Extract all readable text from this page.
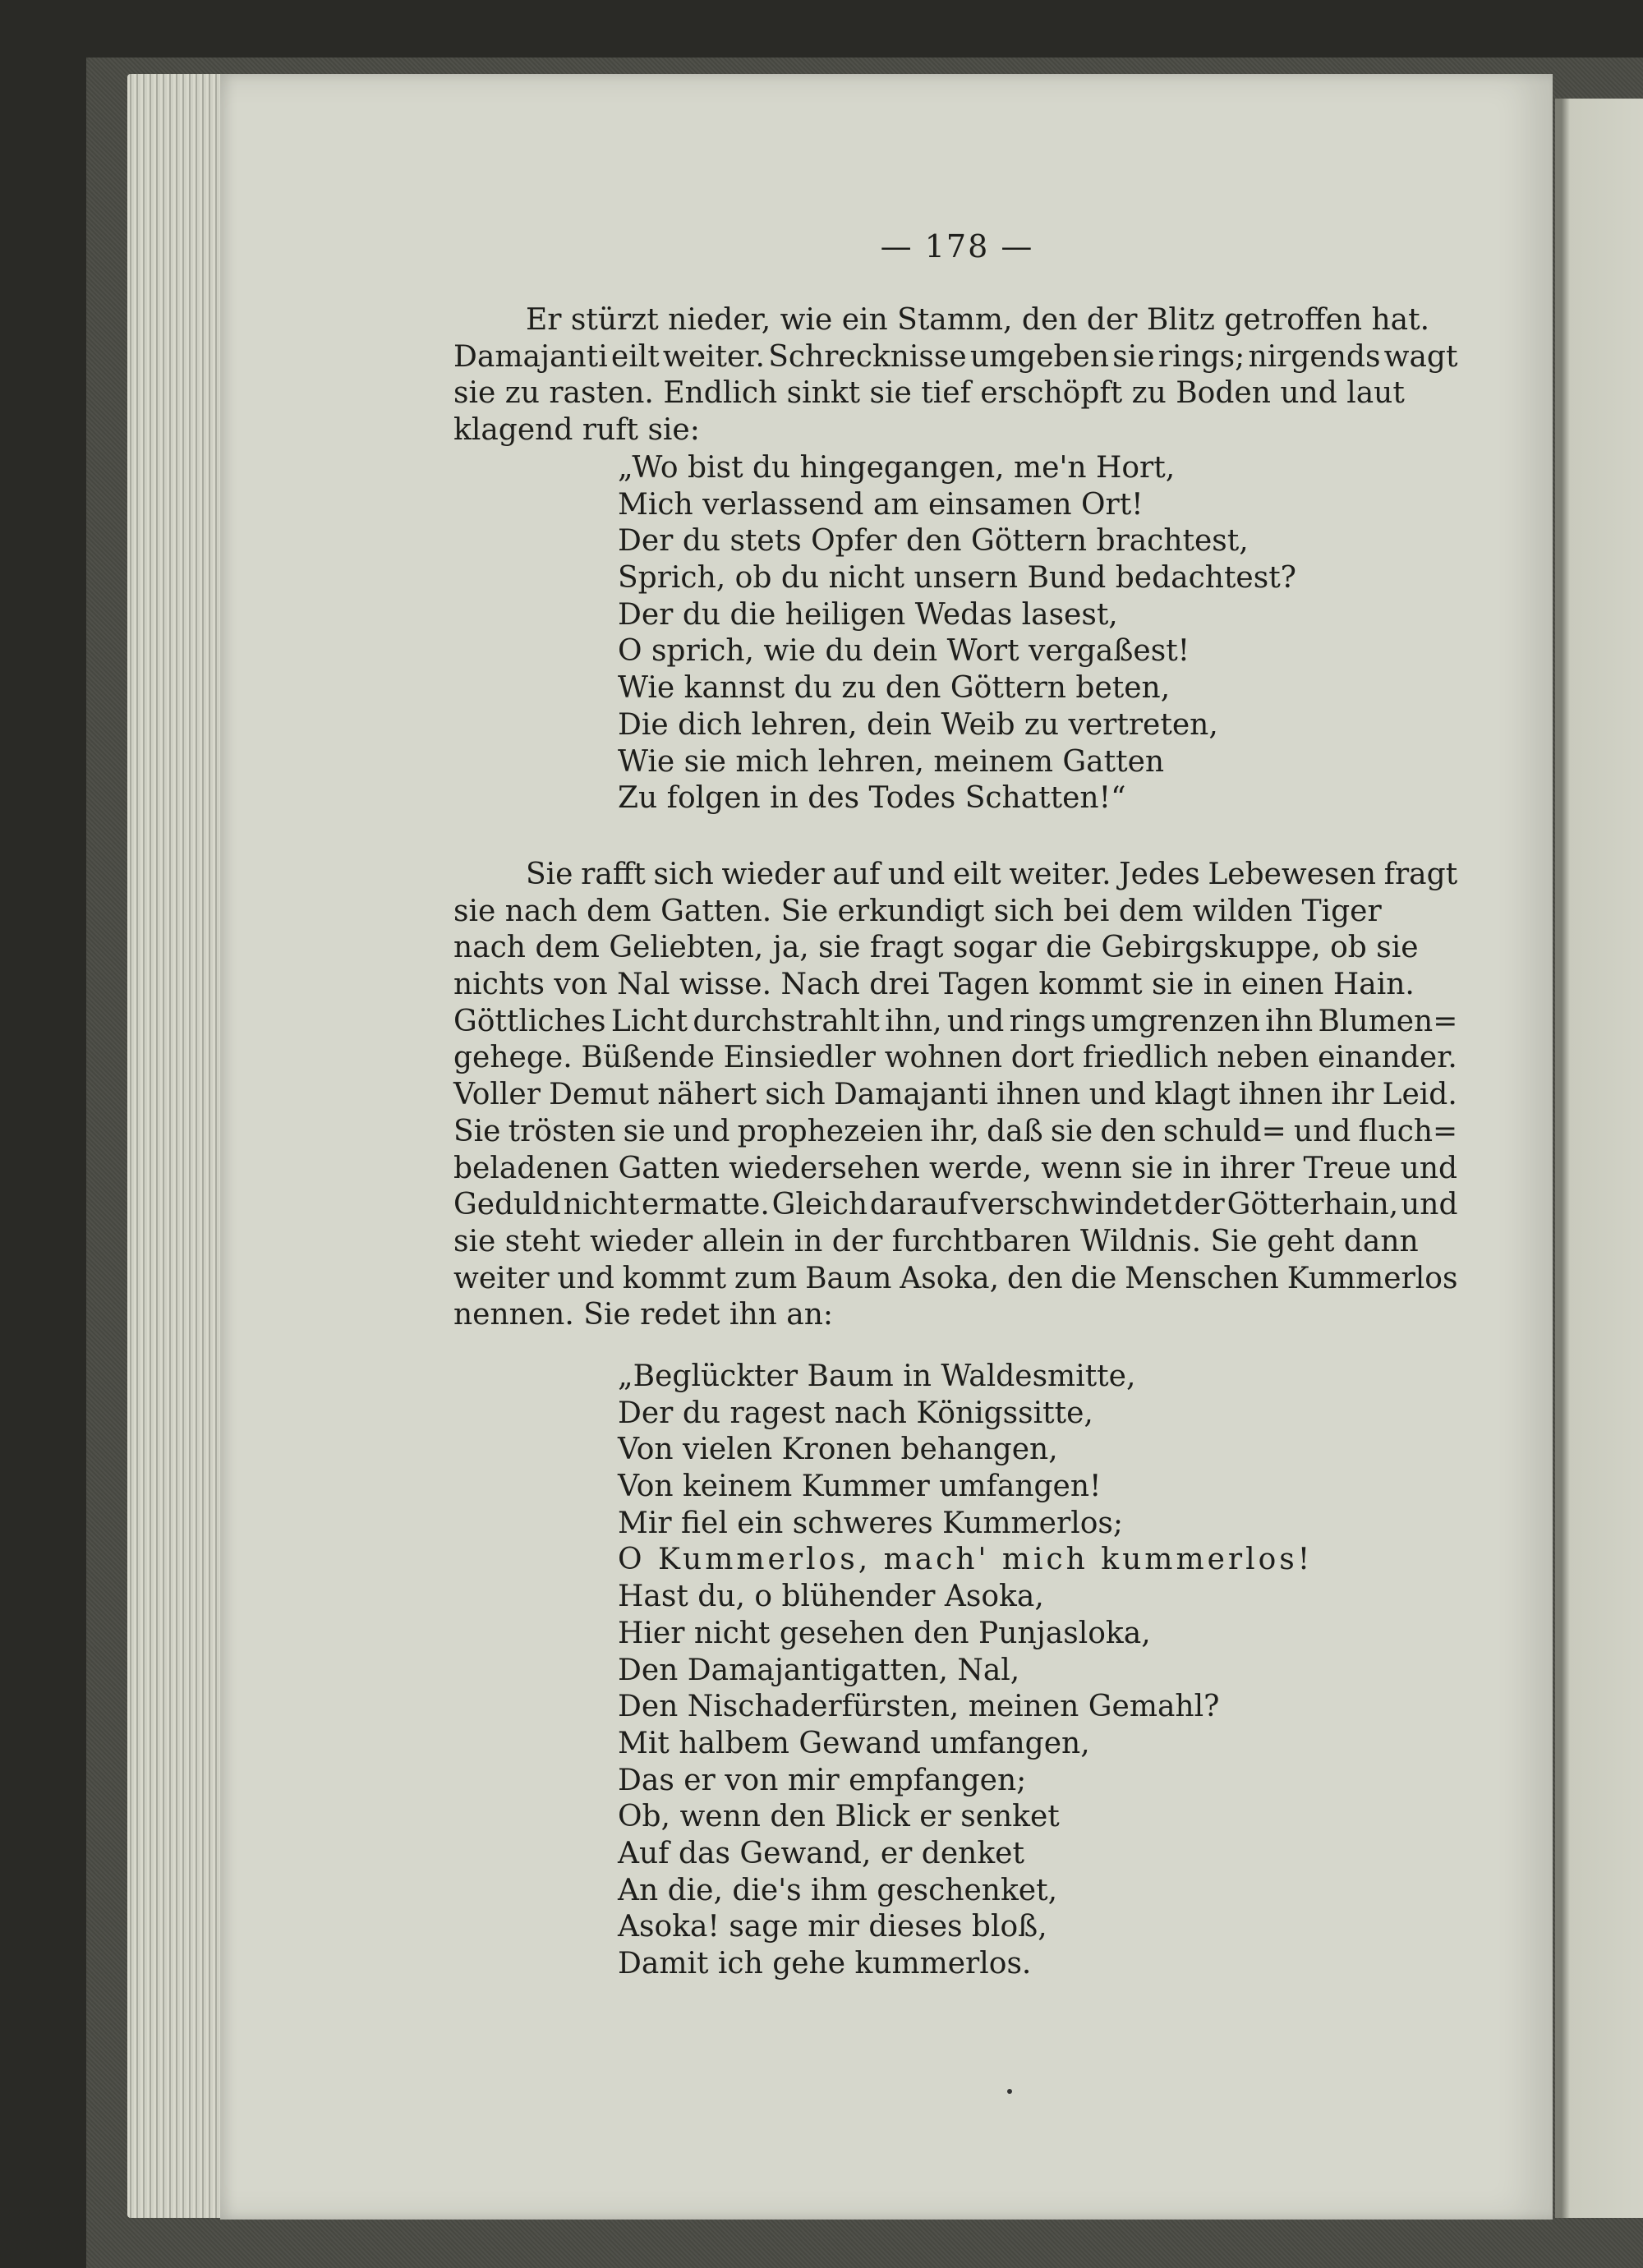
— 178 —
Er stürzt nieder, wie ein Stamm, den der Blitz getroffen hat.
Damajanti eilt weiter. Schrecknisse umgeben sie rings; nirgends wagt
sie zu rasten. Endlich sinkt sie tief erschöpft zu Boden und laut
klagend ruft sie:
„Wo bist du hingegangen, me'n Hort,
Mich verlassend am einsamen Ort!
Der du stets Opfer den Göttern brachtest,
Sprich, ob du nicht unsern Bund bedachtest?
Der du die heiligen Wedas lasest,
O sprich, wie du dein Wort vergaßest!
Wie kannst du zu den Göttern beten,
Die dich lehren, dein Weib zu vertreten,
Wie sie mich lehren, meinem Gatten
Zu folgen in des Todes Schatten!“
Sie rafft sich wieder auf und eilt weiter. Jedes Lebewesen fragt
sie nach dem Gatten. Sie erkundigt sich bei dem wilden Tiger
nach dem Geliebten, ja, sie fragt sogar die Gebirgskuppe, ob sie
nichts von Nal wisse. Nach drei Tagen kommt sie in einen Hain.
Göttliches Licht durchstrahlt ihn, und rings umgrenzen ihn Blumen=
gehege. Büßende Einsiedler wohnen dort friedlich neben einander.
Voller Demut nähert sich Damajanti ihnen und klagt ihnen ihr Leid.
Sie trösten sie und prophezeien ihr, daß sie den schuld= und fluch=
beladenen Gatten wiedersehen werde, wenn sie in ihrer Treue und
Geduld nicht ermatte. Gleich darauf verschwindet der Götterhain, und
sie steht wieder allein in der furchtbaren Wildnis. Sie geht dann
weiter und kommt zum Baum Asoka, den die Menschen Kummerlos
nennen. Sie redet ihn an:
„Beglückter Baum in Waldesmitte,
Der du ragest nach Königssitte,
Von vielen Kronen behangen,
Von keinem Kummer umfangen!
Mir fiel ein schweres Kummerlos;
O Kummerlos, mach' mich kummerlos!
Hast du, o blühender Asoka,
Hier nicht gesehen den Punjasloka,
Den Damajantigatten, Nal,
Den Nischaderfürsten, meinen Gemahl?
Mit halbem Gewand umfangen,
Das er von mir empfangen;
Ob, wenn den Blick er senket
Auf das Gewand, er denket
An die, die's ihm geschenket,
Asoka! sage mir dieses bloß,
Damit ich gehe kummerlos.
